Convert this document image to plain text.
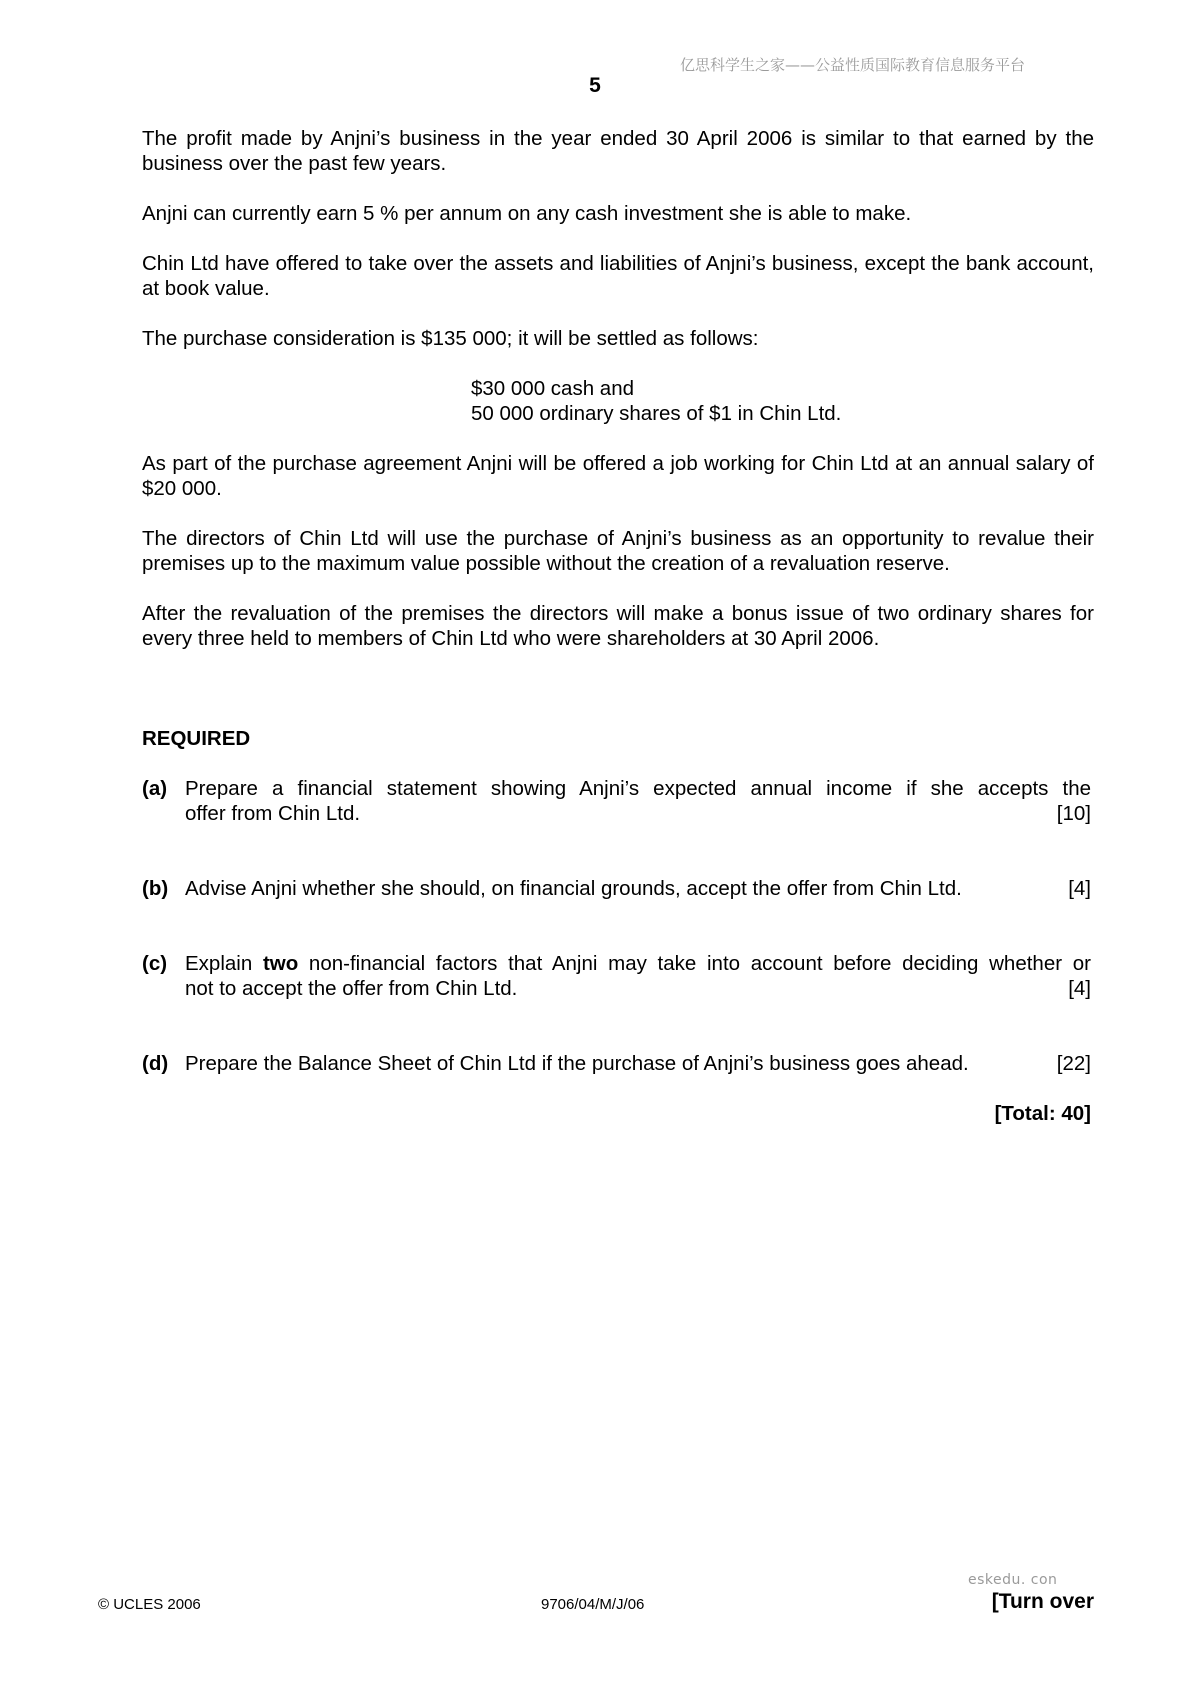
亿思科学生之家——公益性质国际教育信息服务平台
5

The profit made by Anjni’s business in the year ended 30 April 2006 is similar to that earned by the business over the past few years.

Anjni can currently earn 5 % per annum on any cash investment she is able to make.

Chin Ltd have offered to take over the assets and liabilities of Anjni’s business, except the bank account, at book value.

The purchase consideration is $135 000; it will be settled as follows:

$30 000 cash and
50 000 ordinary shares of $1 in Chin Ltd.

As part of the purchase agreement Anjni will be offered a job working for Chin Ltd at an annual salary of $20 000.

The directors of Chin Ltd will use the purchase of Anjni’s business as an opportunity to revalue their premises up to the maximum value possible without the creation of a revaluation reserve.

After the revaluation of the premises the directors will make a bonus issue of two ordinary shares for every three held to members of Chin Ltd who were shareholders at 30 April 2006.

REQUIRED
(a) Prepare a financial statement showing Anjni’s expected annual income if she accepts the
offer from Chin Ltd.	[10]
(b) Advise Anjni whether she should, on financial grounds, accept the offer from Chin Ltd.	[4]
(c) Explain two non-financial factors that Anjni may take into account before deciding whether or
not to accept the offer from Chin Ltd.	[4]
(d) Prepare the Balance Sheet of Chin Ltd if the purchase of Anjni’s business goes ahead.	[22]
[Total: 40]
eskedu. con
© UCLES 2006	9706/04/M/J/06	[Turn over
